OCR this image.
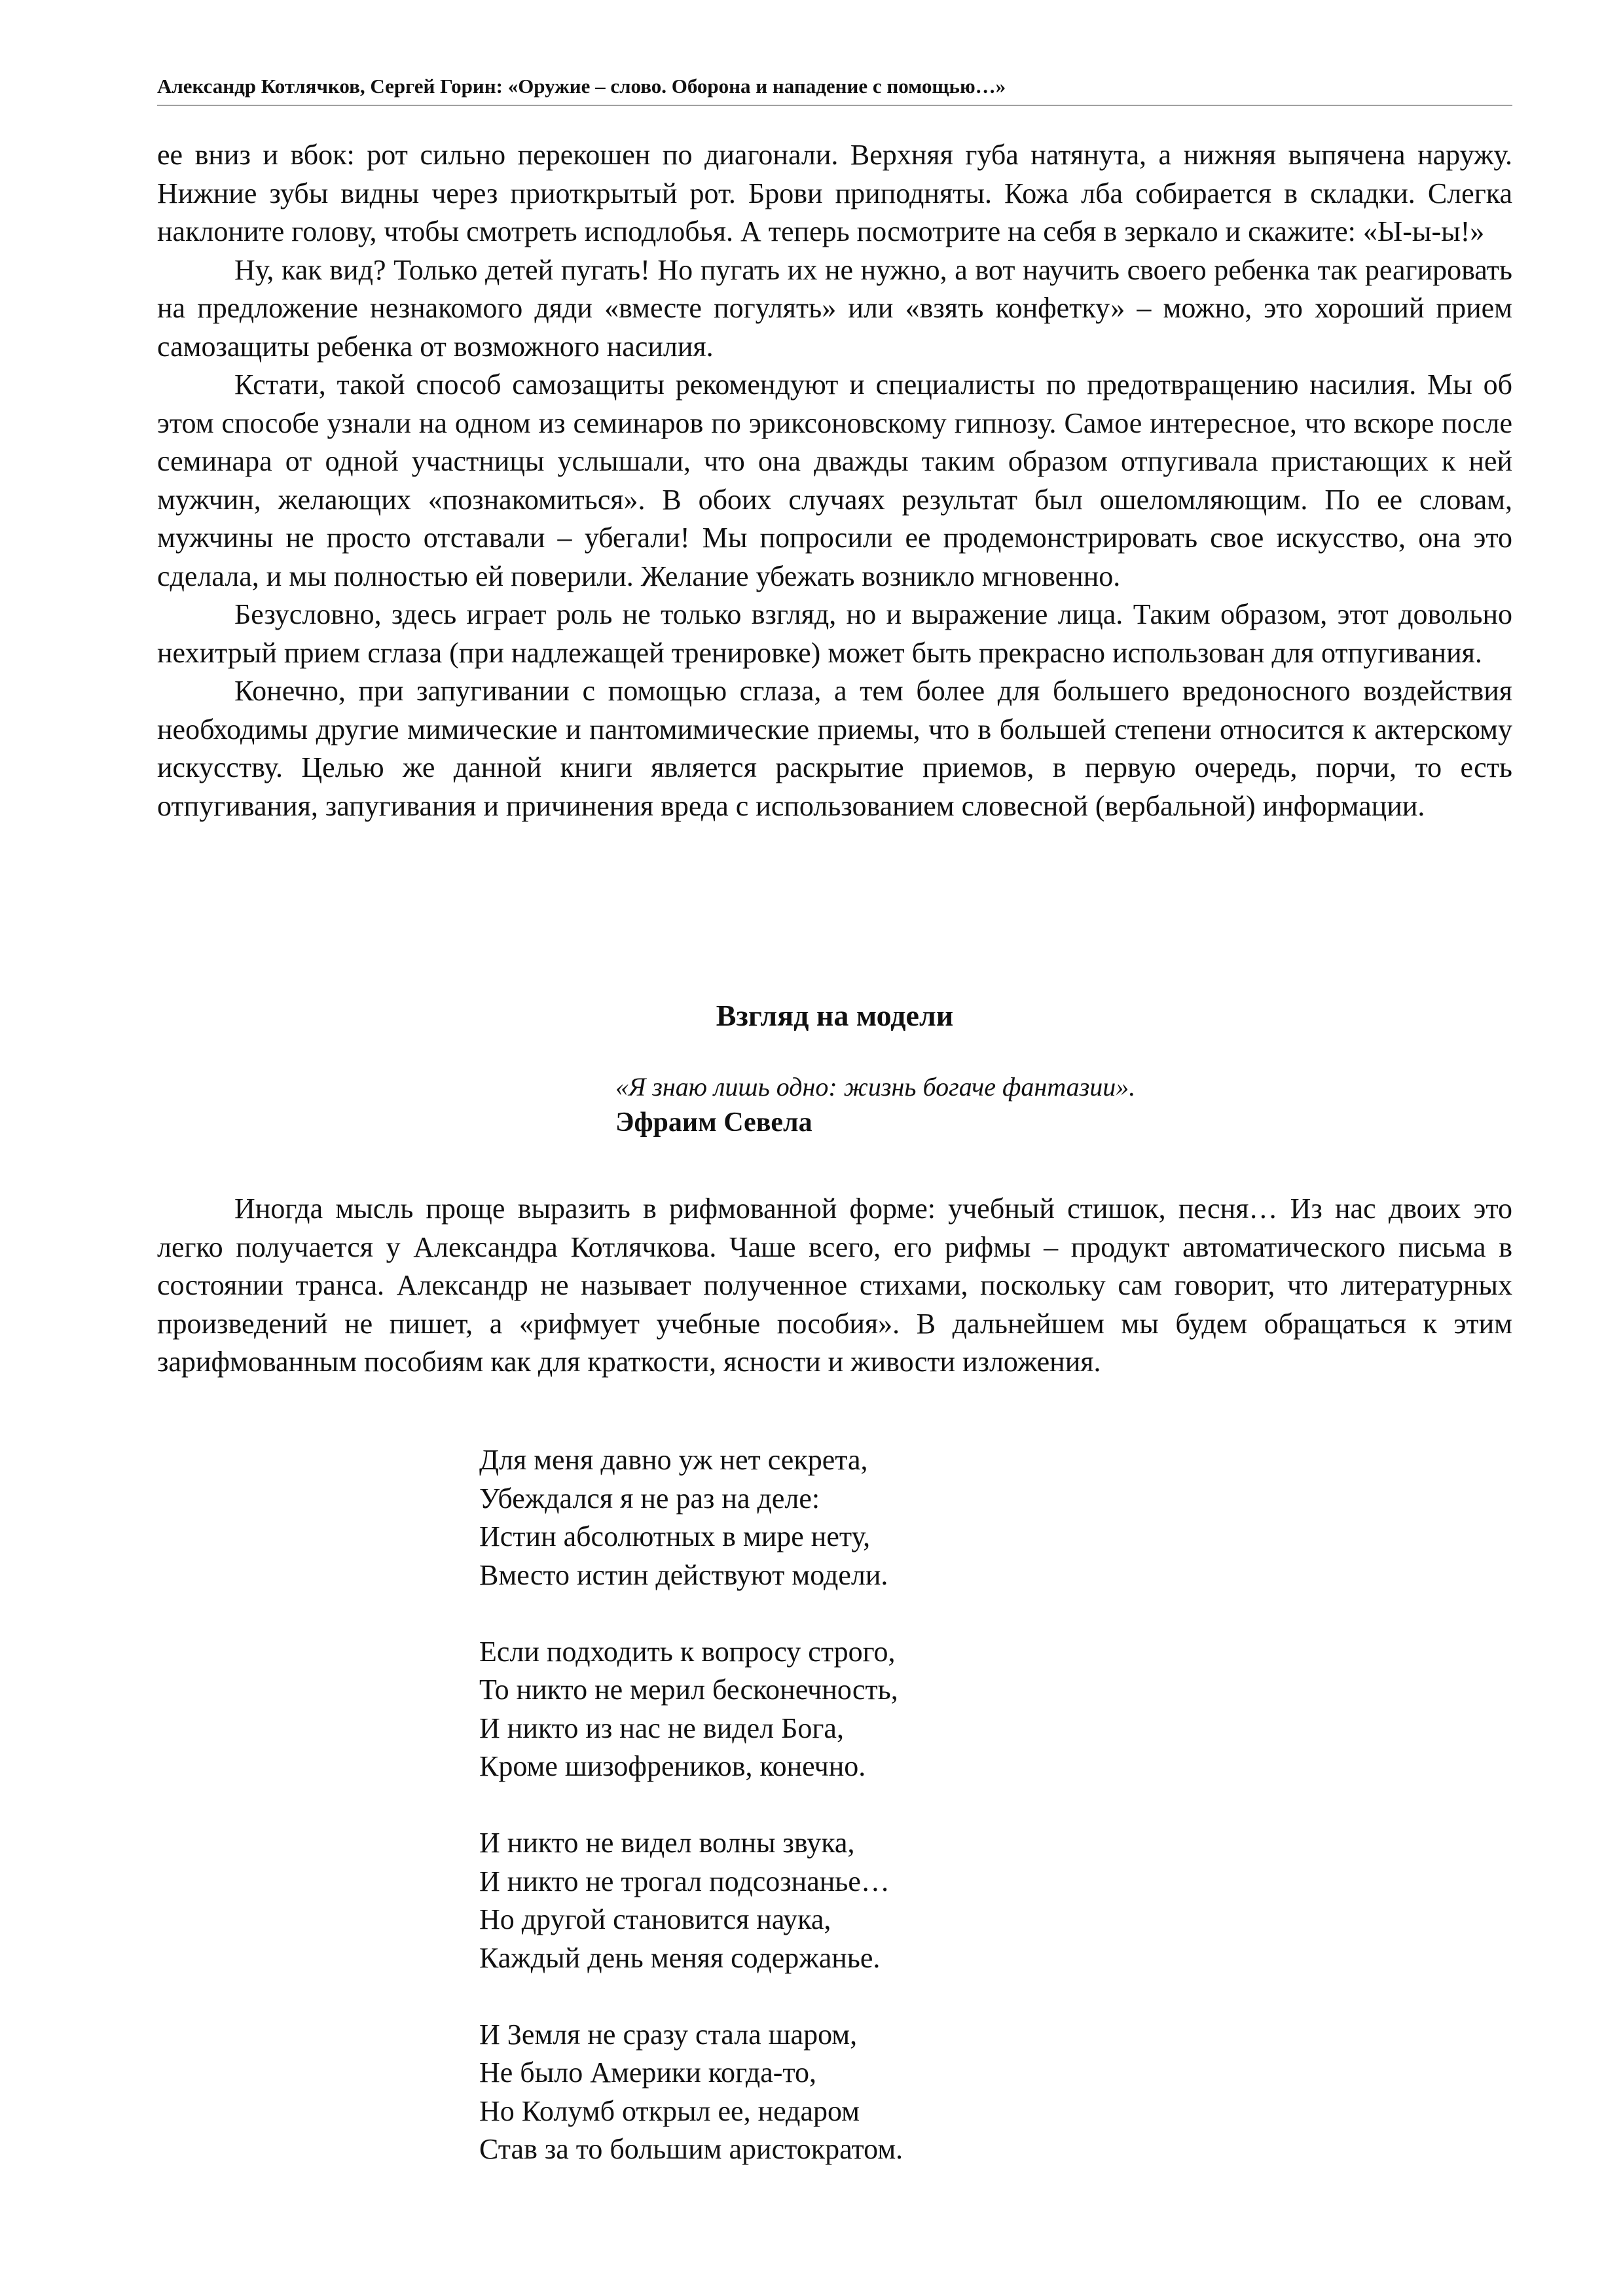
Александр Котлячков, Сергей Горин: «Оружие – слово. Оборона и нападение с помощью…»

ее вниз и вбок: рот сильно перекошен по диагонали. Верхняя губа натянута, а нижняя выпячена наружу. Нижние зубы видны через приоткрытый рот. Брови приподняты. Кожа лба собирается в складки. Слегка наклоните голову, чтобы смотреть исподлобья. А теперь посмотрите на себя в зеркало и скажите: «Ы-ы-ы!»

Ну, как вид? Только детей пугать! Но пугать их не нужно, а вот научить своего ребенка так реагировать на предложение незнакомого дяди «вместе погулять» или «взять конфетку» – можно, это хороший прием самозащиты ребенка от возможного насилия.

Кстати, такой способ самозащиты рекомендуют и специалисты по предотвращению насилия. Мы об этом способе узнали на одном из семинаров по эриксоновскому гипнозу. Самое интересное, что вскоре после семинара от одной участницы услышали, что она дважды таким образом отпугивала пристающих к ней мужчин, желающих «познакомиться». В обоих случаях результат был ошеломляющим. По ее словам, мужчины не просто отставали – убегали! Мы попросили ее продемонстрировать свое искусство, она это сделала, и мы полностью ей поверили. Желание убежать возникло мгновенно.

Безусловно, здесь играет роль не только взгляд, но и выражение лица. Таким образом, этот довольно нехитрый прием сглаза (при надлежащей тренировке) может быть прекрасно использован для отпугивания.

Конечно, при запугивании с помощью сглаза, а тем более для большего вредоносного воздействия необходимы другие мимические и пантомимические приемы, что в большей степени относится к актерскому искусству. Целью же данной книги является раскрытие приемов, в первую очередь, порчи, то есть отпугивания, запугивания и причинения вреда с использованием словесной (вербальной) информации.

Взгляд на модели
«Я знаю лишь одно: жизнь богаче фантазии».
Эфраим Севела

Иногда мысль проще выразить в рифмованной форме: учебный стишок, песня… Из нас двоих это легко получается у Александра Котлячкова. Чаше всего, его рифмы – продукт автоматического письма в состоянии транса. Александр не называет полученное стихами, поскольку сам говорит, что литературных произведений не пишет, а «рифмует учебные пособия». В дальнейшем мы будем обращаться к этим зарифмованным пособиям как для краткости, ясности и живости изложения.

Для меня давно уж нет секрета,
Убеждался я не раз на деле:
Истин абсолютных в мире нету,
Вместо истин действуют модели.
Если подходить к вопросу строго,
То никто не мерил бесконечность,
И никто из нас не видел Бога,
Кроме шизофреников, конечно.
И никто не видел волны звука,
И никто не трогал подсознанье…
Но другой становится наука,
Каждый день меняя содержанье.
И Земля не сразу стала шаром,
Не было Америки когда-то,
Но Колумб открыл ее, недаром
Став за то большим аристократом.
